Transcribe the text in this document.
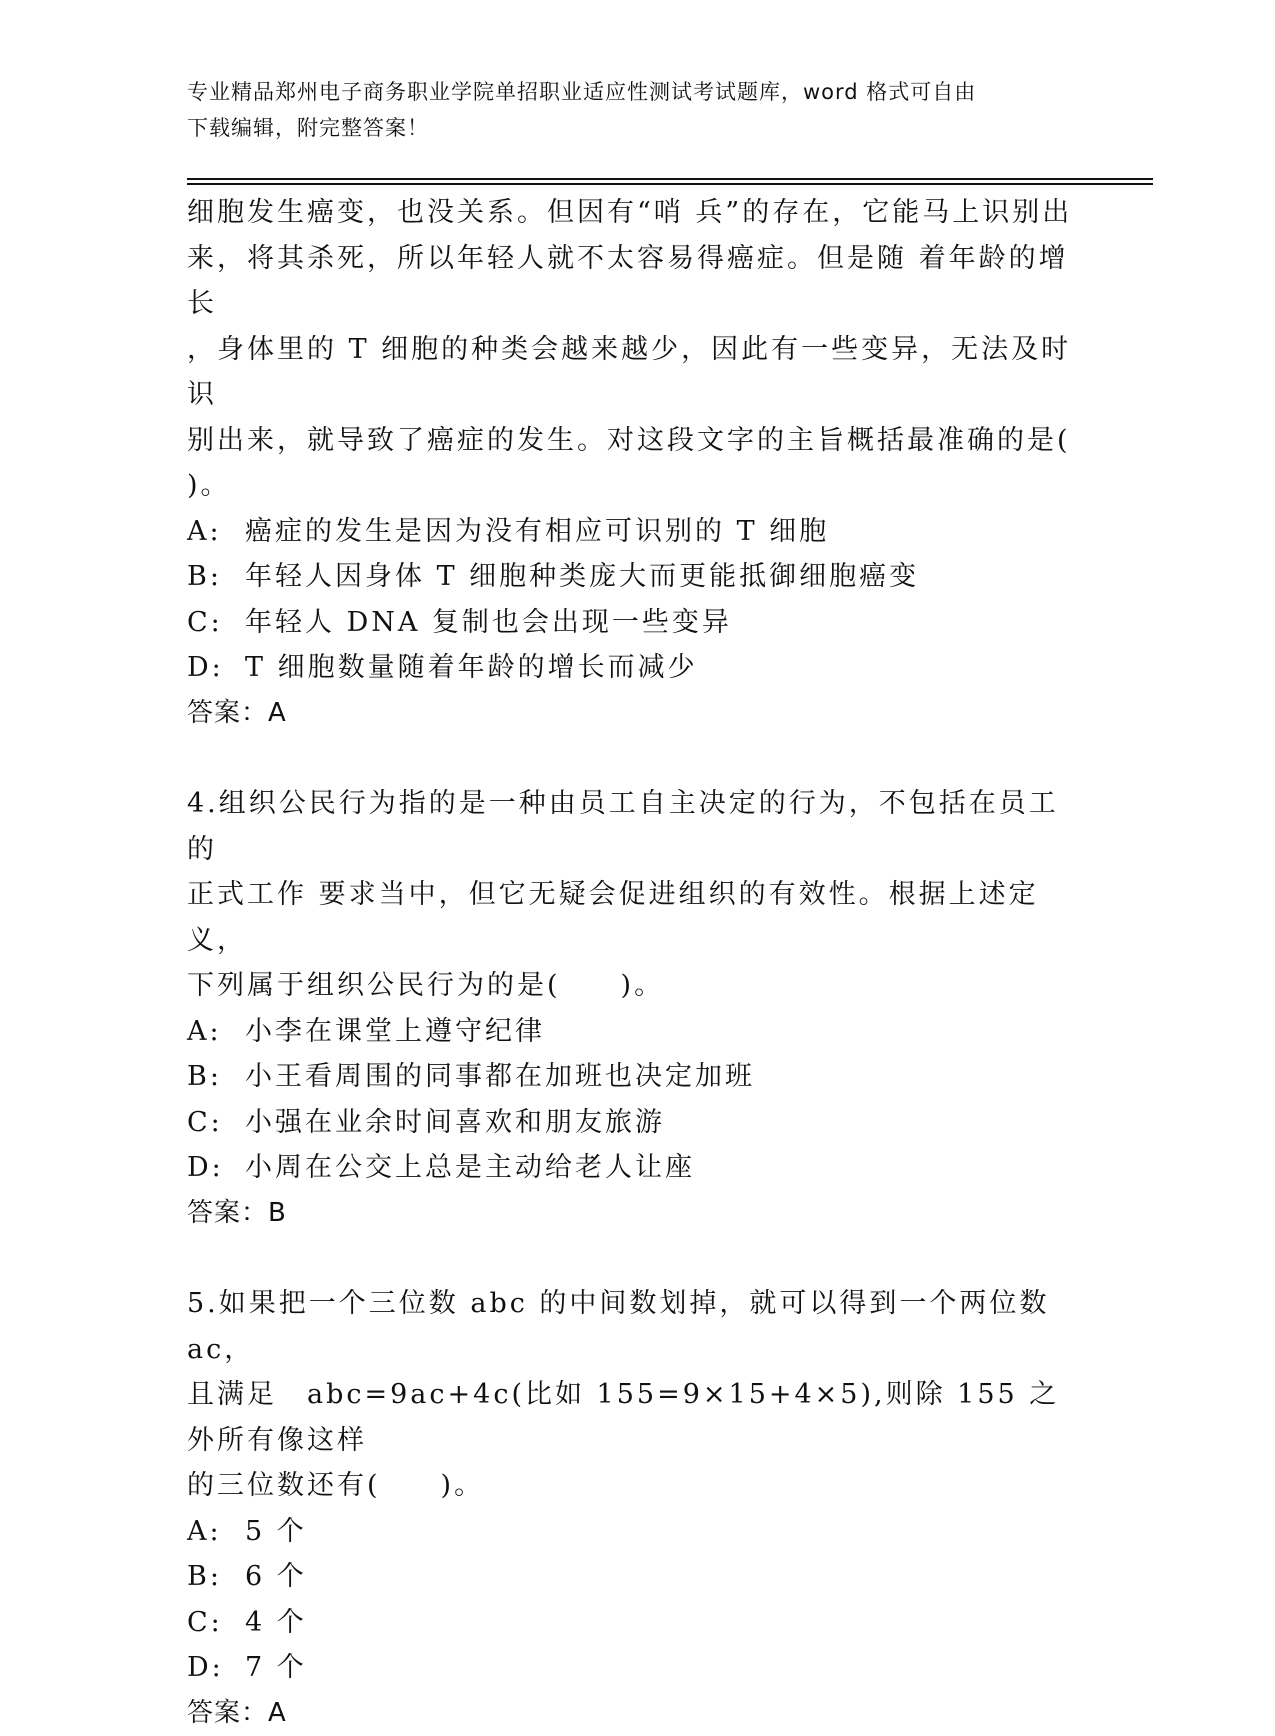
专业精品郑州电子商务职业学院单招职业适应性测试考试题库，word 格式可自由
下载编辑，附完整答案！

细胞发生癌变，也没关系。但因有“哨 兵”的存在，它能马上识别出

来，将其杀死，所以年轻人就不太容易得癌症。但是随 着年龄的增长

，身体里的 T 细胞的种类会越来越少，因此有一些变异，无法及时识

别出来，就导致了癌症的发生。对这段文字的主旨概括最准确的是(

)。

A: 癌症的发生是因为没有相应可识别的 T 细胞

B: 年轻人因身体 T 细胞种类庞大而更能抵御细胞癌变

C: 年轻人 DNA 复制也会出现一些变异

D: T 细胞数量随着年龄的增长而减少

答案：A

4.组织公民行为指的是一种由员工自主决定的行为，不包括在员工的

正式工作 要求当中，但它无疑会促进组织的有效性。根据上述定义，

下列属于组织公民行为的是(　　)。

A: 小李在课堂上遵守纪律

B: 小王看周围的同事都在加班也决定加班

C: 小强在业余时间喜欢和朋友旅游

D: 小周在公交上总是主动给老人让座

答案：B

5.如果把一个三位数 abc 的中间数划掉，就可以得到一个两位数 ac，

且满足　abc=9ac+4c(比如 155=9×15+4×5),则除 155 之外所有像这样

的三位数还有(　　)。

A: 5 个

B: 6 个

C: 4 个

D: 7 个

答案：A
